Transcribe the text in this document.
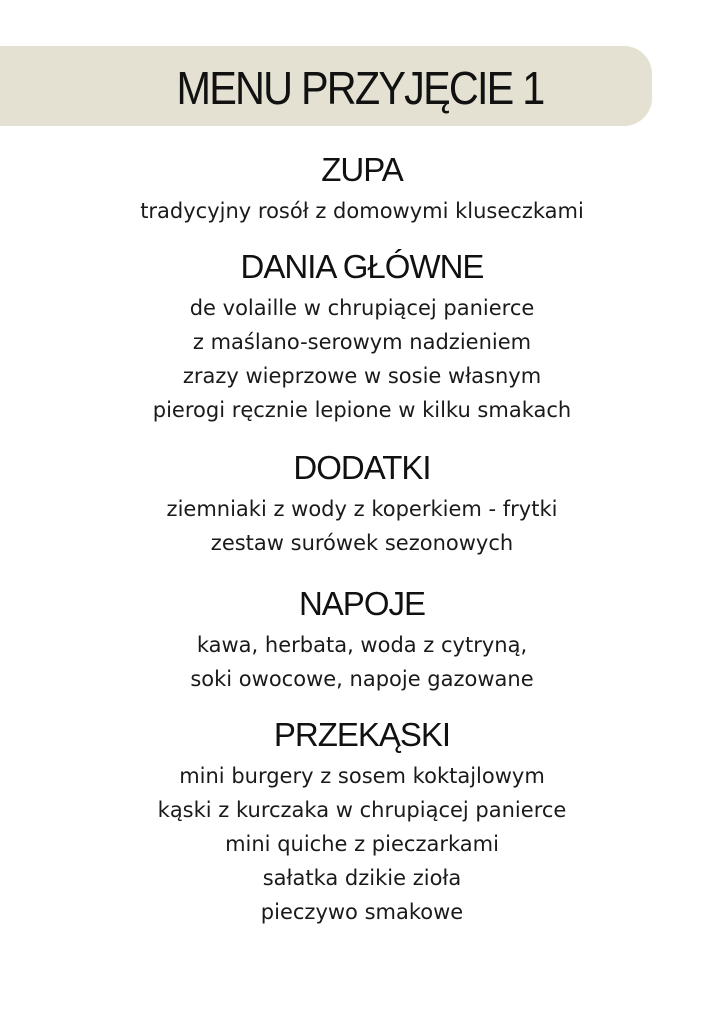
MENU PRZYJĘCIE 1
ZUPA

tradycyjny rosół z domowymi kluseczkami

DANIA GŁÓWNE

de volaille w chrupiącej panierce

z maślano-serowym nadzieniem

zrazy wieprzowe w sosie własnym

pierogi ręcznie lepione w kilku smakach

DODATKI

ziemniaki z wody z koperkiem - frytki

zestaw surówek sezonowych

NAPOJE

kawa, herbata, woda z cytryną,

soki owocowe, napoje gazowane

PRZEKĄSKI

mini burgery z sosem koktajlowym

kąski z kurczaka w chrupiącej panierce

mini quiche z pieczarkami

sałatka dzikie zioła

pieczywo smakowe
